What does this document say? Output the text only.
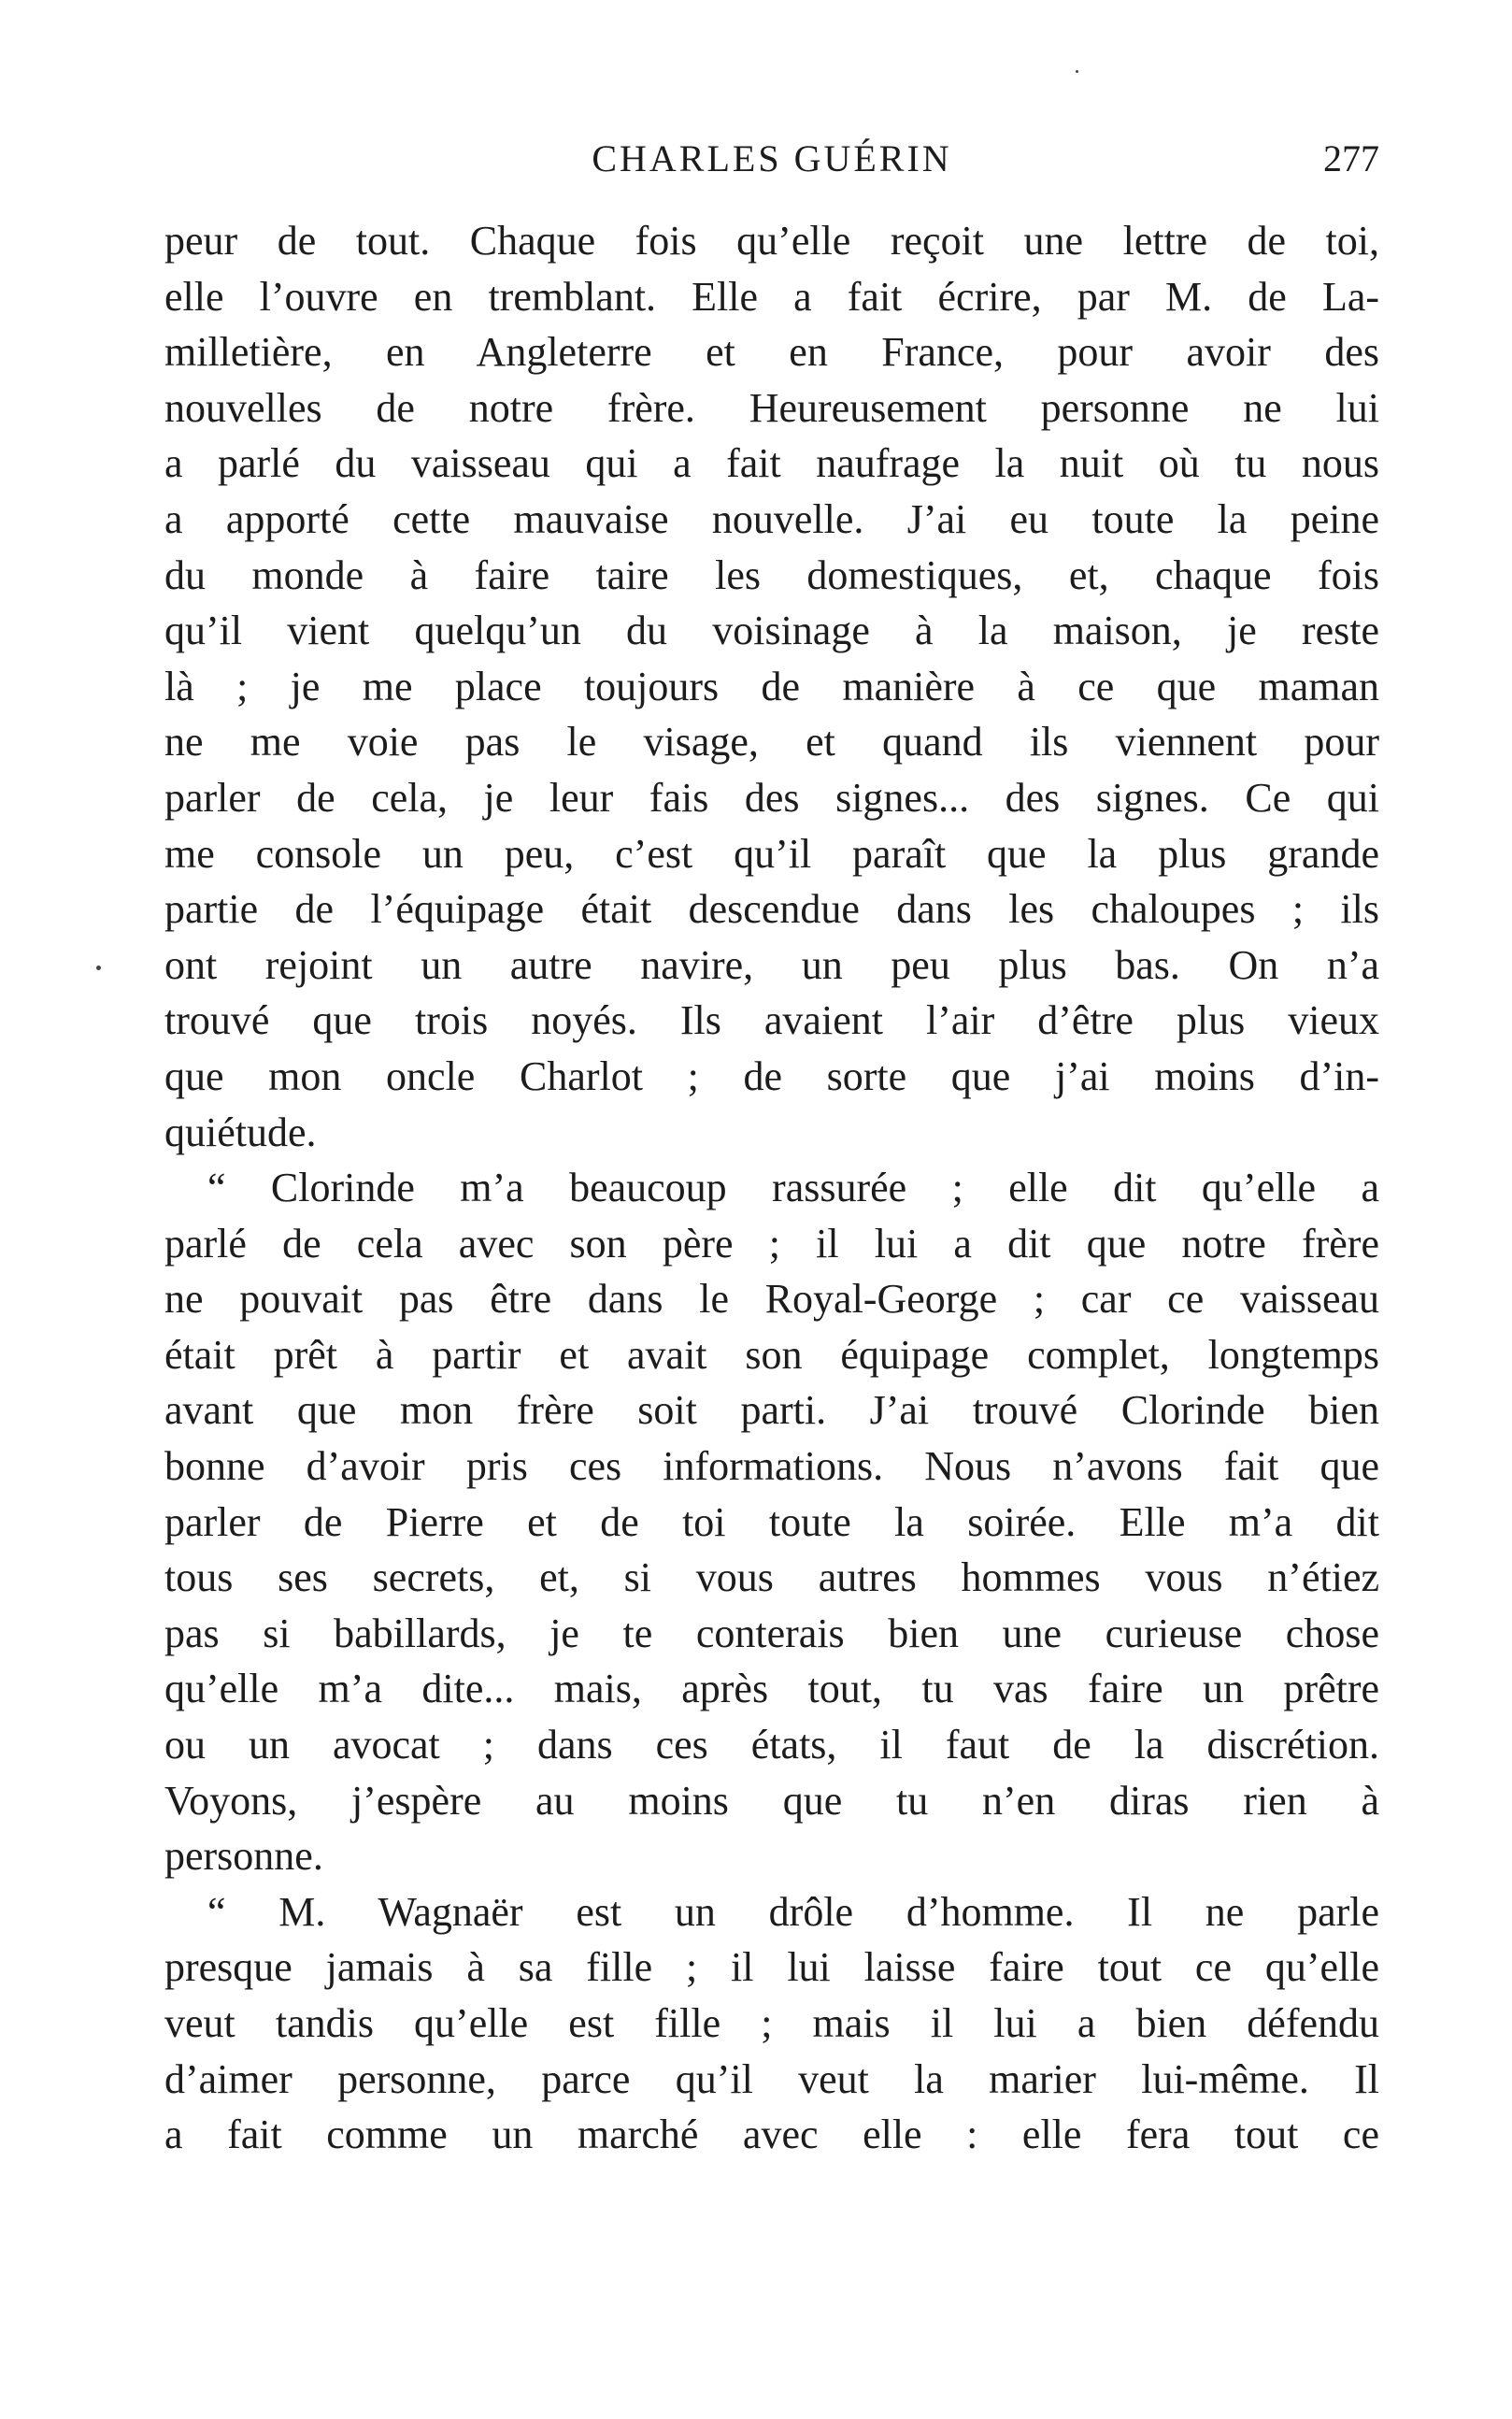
CHARLES GUÉRIN	277
peur de tout. Chaque fois qu’elle reçoit une lettre de toi,
elle l’ouvre en tremblant. Elle a fait écrire, par M. de La-
milletière, en Angleterre et en France, pour avoir des
nouvelles de notre frère. Heureusement personne ne lui
a parlé du vaisseau qui a fait naufrage la nuit où tu nous
a apporté cette mauvaise nouvelle. J’ai eu toute la peine
du monde à faire taire les domestiques, et, chaque fois
qu’il vient quelqu’un du voisinage à la maison, je reste
là ; je me place toujours de manière à ce que maman
ne me voie pas le visage, et quand ils viennent pour
parler de cela, je leur fais des signes... des signes. Ce qui
me console un peu, c’est qu’il paraît que la plus grande
partie de l’équipage était descendue dans les chaloupes ; ils
ont rejoint un autre navire, un peu plus bas. On n’a
trouvé que trois noyés. Ils avaient l’air d’être plus vieux
que mon oncle Charlot ; de sorte que j’ai moins d’in-
quiétude.
“ Clorinde m’a beaucoup rassurée ; elle dit qu’elle a
parlé de cela avec son père ; il lui a dit que notre frère
ne pouvait pas être dans le Royal-George ; car ce vaisseau
était prêt à partir et avait son équipage complet, longtemps
avant que mon frère soit parti. J’ai trouvé Clorinde bien
bonne d’avoir pris ces informations. Nous n’avons fait que
parler de Pierre et de toi toute la soirée. Elle m’a dit
tous ses secrets, et, si vous autres hommes vous n’étiez
pas si babillards, je te conterais bien une curieuse chose
qu’elle m’a dite... mais, après tout, tu vas faire un prêtre
ou un avocat ; dans ces états, il faut de la discrétion.
Voyons, j’espère au moins que tu n’en diras rien à
personne.
“ M. Wagnaër est un drôle d’homme. Il ne parle
presque jamais à sa fille ; il lui laisse faire tout ce qu’elle
veut tandis qu’elle est fille ; mais il lui a bien défendu
d’aimer personne, parce qu’il veut la marier lui-même. Il
a fait comme un marché avec elle : elle fera tout ce
